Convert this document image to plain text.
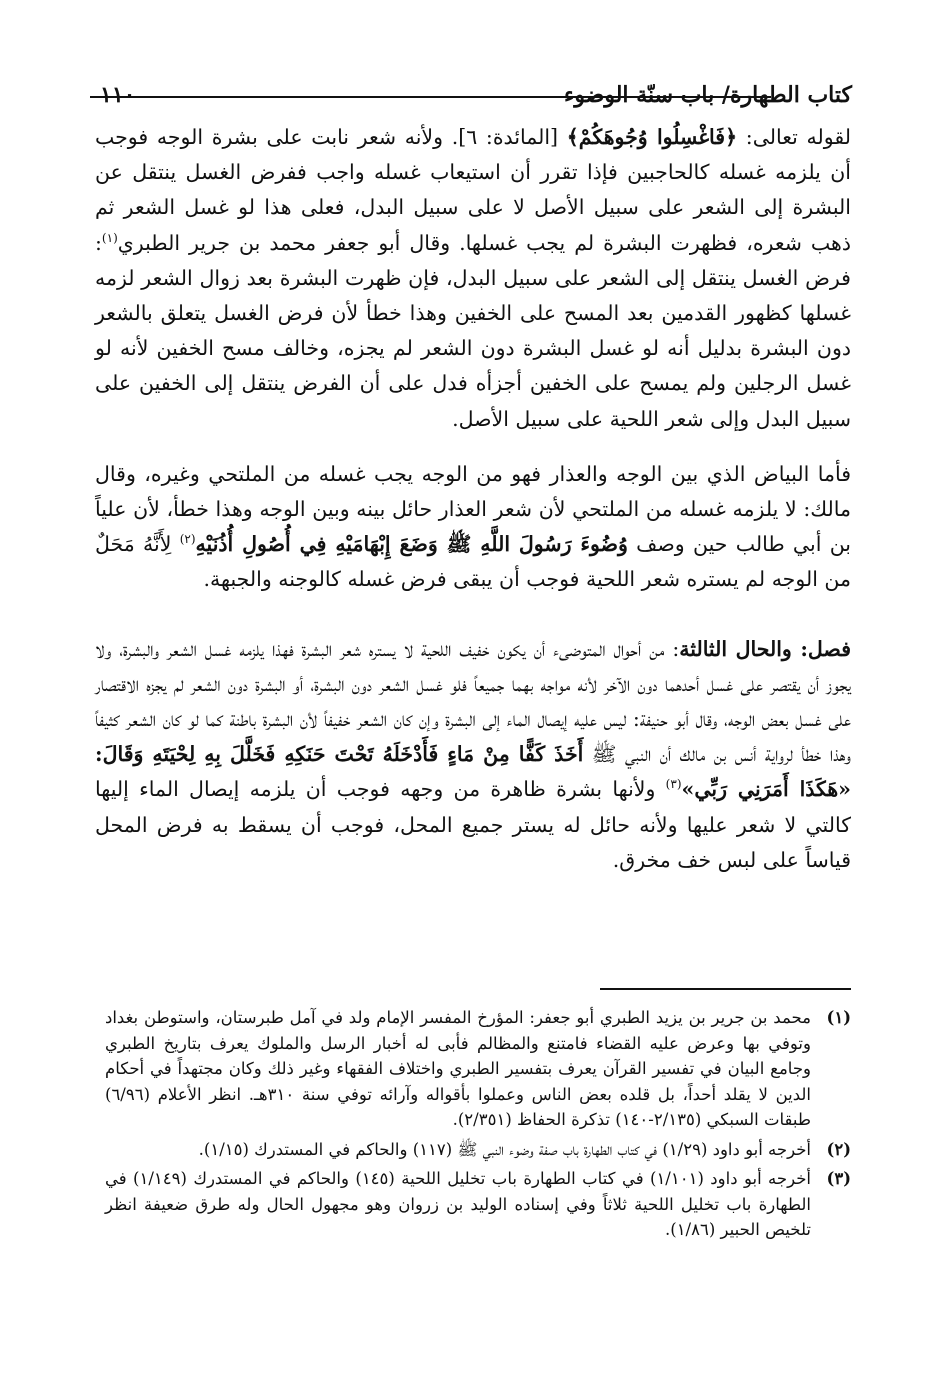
كتاب الطهارة/ باب سنّة الوضوء
١١٠

لقوله تعالى: ﴿فَاغْسِلُوا وُجُوهَكُمْ﴾ [المائدة: ٦]. ولأنه شعر نابت على بشرة الوجه فوجب أن يلزمه غسله كالحاجبين فإذا تقرر أن استيعاب غسله واجب ففرض الغسل ينتقل عن البشرة إلى الشعر على سبيل الأصل لا على سبيل البدل، فعلى هذا لو غسل الشعر ثم ذهب شعره، فظهرت البشرة لم يجب غسلها. وقال أبو جعفر محمد بن جرير الطبري$^{(١)}$: فرض الغسل ينتقل إلى الشعر على سبيل البدل، فإن ظهرت البشرة بعد زوال الشعر لزمه غسلها كظهور القدمين بعد المسح على الخفين وهذا خطأ لأن فرض الغسل يتعلق بالشعر دون البشرة بدليل أنه لو غسل البشرة دون الشعر لم يجزه، وخالف مسح الخفين لأنه لو غسل الرجلين ولم يمسح على الخفين أجزأه فدل على أن الفرض ينتقل إلى الخفين على سبيل البدل وإلى شعر اللحية على سبيل الأصل.

فأما البياض الذي بين الوجه والعذار فهو من الوجه يجب غسله من الملتحي وغيره، وقال مالك: لا يلزمه غسله من الملتحي لأن شعر العذار حائل بينه وبين الوجه وهذا خطأ، لأن علياً بن أبي طالب حين وصف وُضُوءَ رَسُولَ اللَّهِ ﷺ وَضَعَ إِبْهَامَيْهِ فِي أُصُولِ أُذُنَيْهِ$^{(٢)}$ لِأَنَّهُ مَحَلٌ من الوجه لم يستره شعر اللحية فوجب أن يبقى فرض غسله كالوجنه والجبهة.

فصل: والحال الثالثة: من أحوال المتوضىء أن يكون خفيف اللحية لا يستره شعر البشرة فهذا يلزمه غسل الشعر والبشرة، ولا يجوز أن يقتصر على غسل أحدهما دون الآخر لأنه مواجه بهما جميعاً فلو غسل الشعر دون البشرة، أو البشرة دون الشعر لم يجزه الاقتصار على غسل بعض الوجه، وقال أبو حنيفة: ليس عليه إيصال الماء إلى البشرة وإن كان الشعر خفيفاً لأن البشرة باطنة كما لو كان الشعر كثيفاً وهذا خطأ لرواية أنس بن مالك أن النبي ﷺ أَخَذَ كَفًّا مِنْ مَاءٍ فَأَدْخَلَهُ تَحْتَ حَنَكِهِ فَخَلَّلَ بِهِ لِحْيَتَهِ وَقَالَ: «هَكَذَا أَمَرَنِي رَبِّي»$^{(٣)}$ ولأنها بشرة ظاهرة من وجهه فوجب أن يلزمه إيصال الماء إليها كالتي لا شعر عليها ولأنه حائل له يستر جميع المحل، فوجب أن يسقط به فرض المحل قياساً على لبس خف مخرق.

(١)
محمد بن جرير بن يزيد الطبري أبو جعفر: المؤرخ المفسر الإمام ولد في آمل طبرستان، واستوطن بغداد وتوفي بها وعرض عليه القضاء فامتنع والمظالم فأبى له أخبار الرسل والملوك يعرف بتاريخ الطبري وجامع البيان في تفسير القرآن يعرف بتفسير الطبري واختلاف الفقهاء وغير ذلك وكان مجتهداً في أحكام الدين لا يقلد أحداً، بل قلده بعض الناس وعملوا بأقواله وآرائه توفي سنة ٣١٠هـ. انظر الأعلام (٦/٩٦) طبقات السبكي (٢/١٣٥-١٤٠) تذكرة الحفاظ (٢/٣٥١).
(٢)
أخرجه أبو داود (١/٢٩) في كتاب الطهارة باب صفة وضوء النبي ﷺ (١١٧) والحاكم في المستدرك (١/١٥).
(٣)
أخرجه أبو داود (١/١٠١) في كتاب الطهارة باب تخليل اللحية (١٤٥) والحاكم في المستدرك (١/١٤٩) في الطهارة باب تخليل اللحية ثلاثاً وفي إسناده الوليد بن زروان وهو مجهول الحال وله طرق ضعيفة انظر تلخيص الحبير (١/٨٦).
